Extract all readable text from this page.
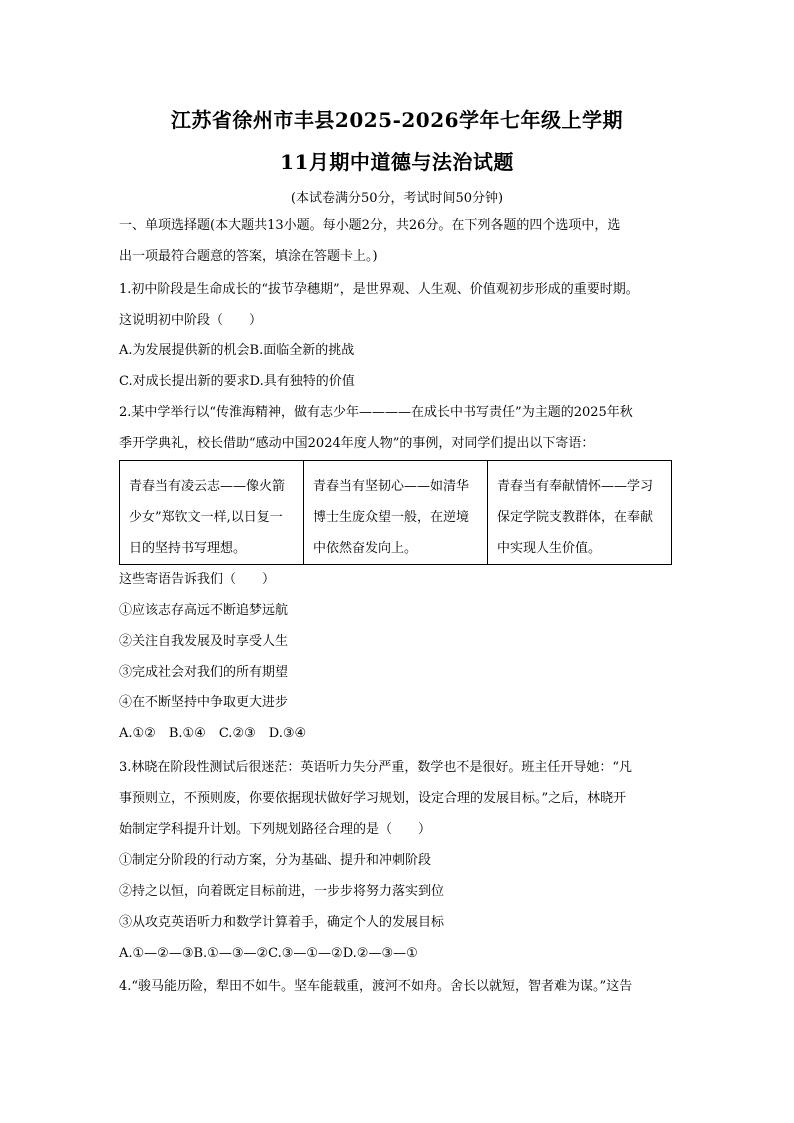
江苏省徐州市丰县2025-2026学年七年级上学期
11月期中道德与法治试题
(本试卷满分50分，考试时间50分钟)
一、单项选择题(本大题共13小题。每小题2分，共26分。在下列各题的四个选项中，选
出一项最符合题意的答案，填涂在答题卡上。)
1.初中阶段是生命成长的“拔节孕穗期”，是世界观、人生观、价值观初步形成的重要时期。
这说明初中阶段（　　）
A.为发展提供新的机会B.面临全新的挑战
C.对成长提出新的要求D.具有独特的价值
2.某中学举行以“传淮海精神，做有志少年————在成长中书写责任”为主题的2025年秋
季开学典礼，校长借助“感动中国2024年度人物”的事例，对同学们提出以下寄语：
青春当有凌云志——像火箭
少女”郑钦文一样,以日复一
日的坚持书写理想。

青春当有坚韧心——如清华
博士生庞众望一般，在逆境
中依然奋发向上。

青春当有奉献情怀——学习
保定学院支教群体，在奉献
中实现人生价值。
这些寄语告诉我们（　　）
①应该志存高远不断追梦远航
②关注自我发展及时享受人生
③完成社会对我们的所有期望
④在不断坚持中争取更大进步
A.①②　B.①④　C.②③　D.③④
3.林晓在阶段性测试后很迷茫：英语听力失分严重，数学也不是很好。班主任开导她：“凡
事预则立，不预则废，你要依据现状做好学习规划，设定合理的发展目标。”之后，林晓开
始制定学科提升计划。下列规划路径合理的是（　　）
①制定分阶段的行动方案，分为基础、提升和冲刺阶段
②持之以恒，向着既定目标前进，一步步将努力落实到位
③从攻克英语听力和数学计算着手，确定个人的发展目标
A.①—②—③B.①—③—②C.③—①—②D.②—③—①
4.“骏马能历险，犁田不如牛。坚车能载重，渡河不如舟。舍长以就短，智者难为谋。”这告
